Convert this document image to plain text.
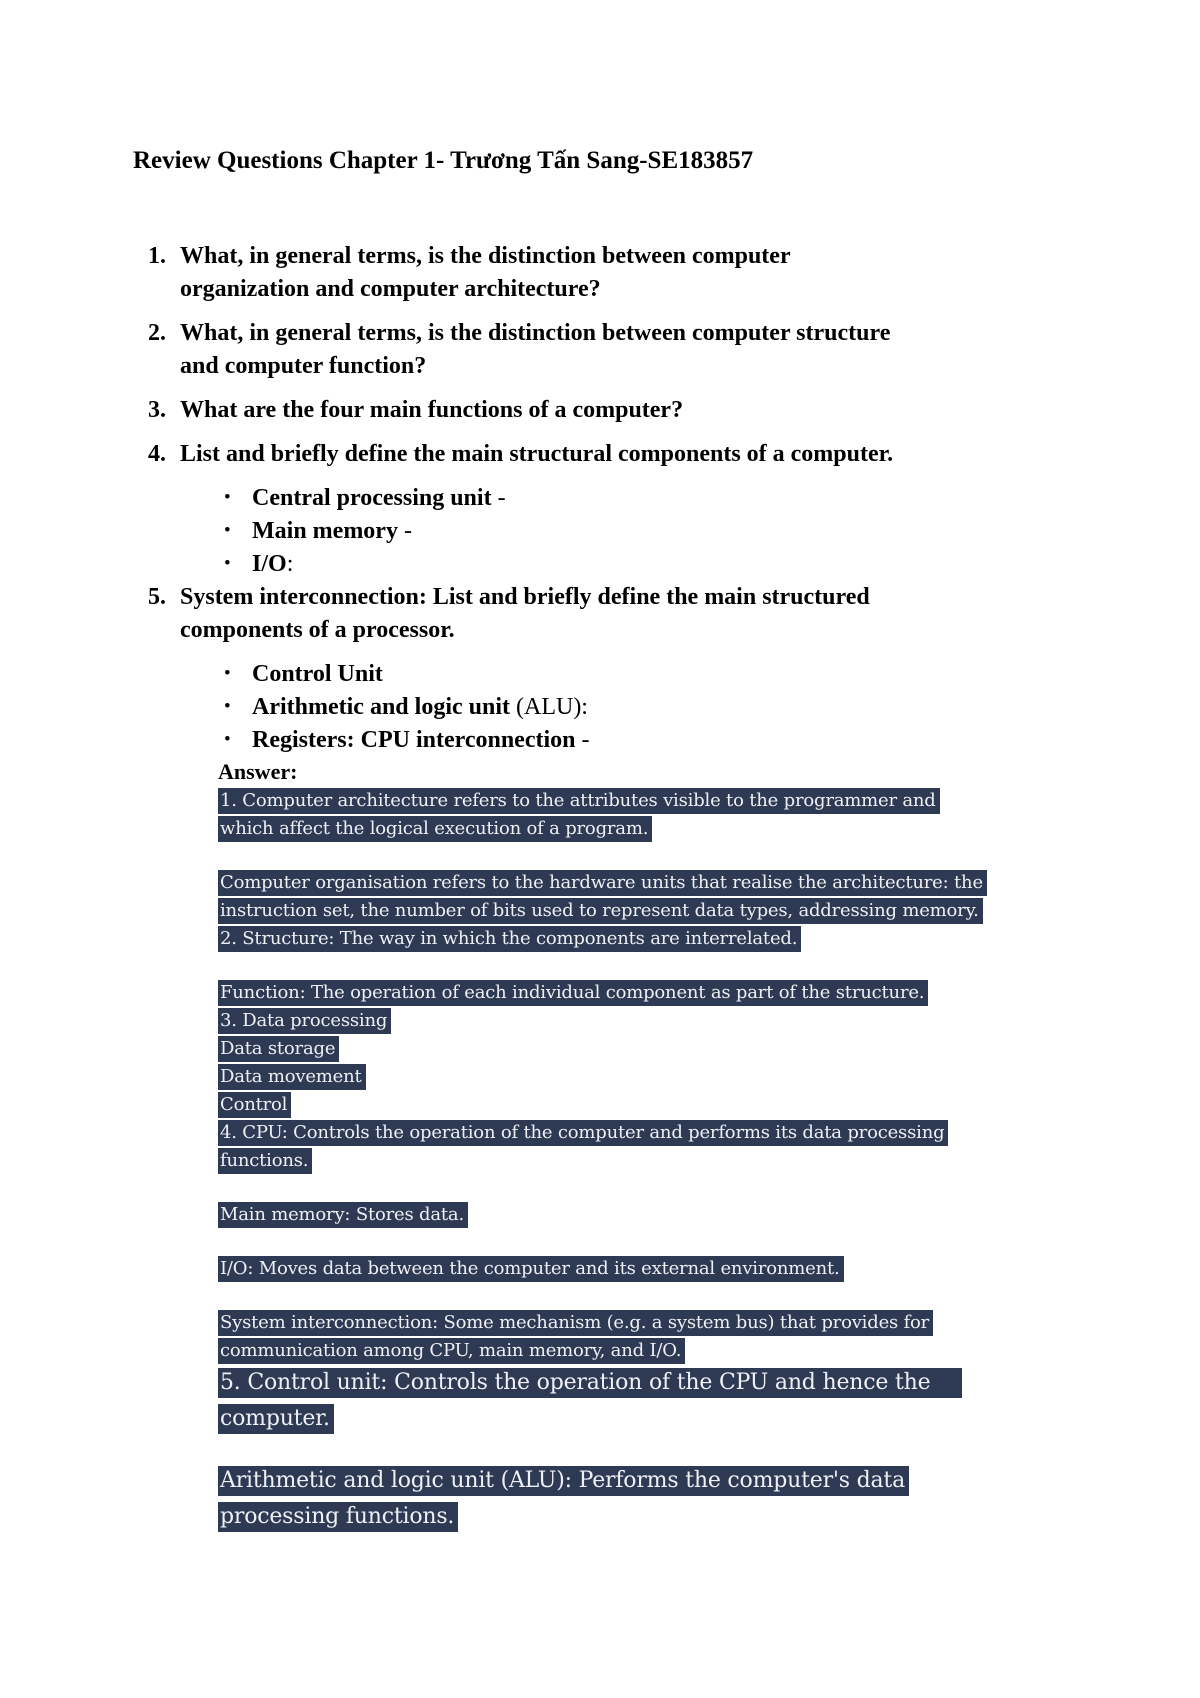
Review Questions Chapter 1- Trương Tấn Sang-SE183857
1. What, in general terms, is the distinction between computer
organization and computer architecture?
2. What, in general terms, is the distinction between computer structure
and computer function?
3. What are the four main functions of a computer?
4. List and briefly define the main structural components of a computer.
• Central processing unit -
• Main memory -
• I/O:
5. System interconnection: List and briefly define the main structured
components of a processor.
• Control Unit
• Arithmetic and logic unit (ALU):
• Registers: CPU interconnection -
Answer:
1. Computer architecture refers to the attributes visible to the programmer and
which affect the logical execution of a program.
Computer organisation refers to the hardware units that realise the architecture: the
instruction set, the number of bits used to represent data types, addressing memory.
2. Structure: The way in which the components are interrelated.
Function: The operation of each individual component as part of the structure.
3. Data processing
Data storage
Data movement
Control
4. CPU: Controls the operation of the computer and performs its data processing
functions.
Main memory: Stores data.
I/O: Moves data between the computer and its external environment.
System interconnection: Some mechanism (e.g. a system bus) that provides for
communication among CPU, main memory, and I/O.
5. Control unit: Controls the operation of the CPU and hence the
computer.
Arithmetic and logic unit (ALU): Performs the computer's data
processing functions.
